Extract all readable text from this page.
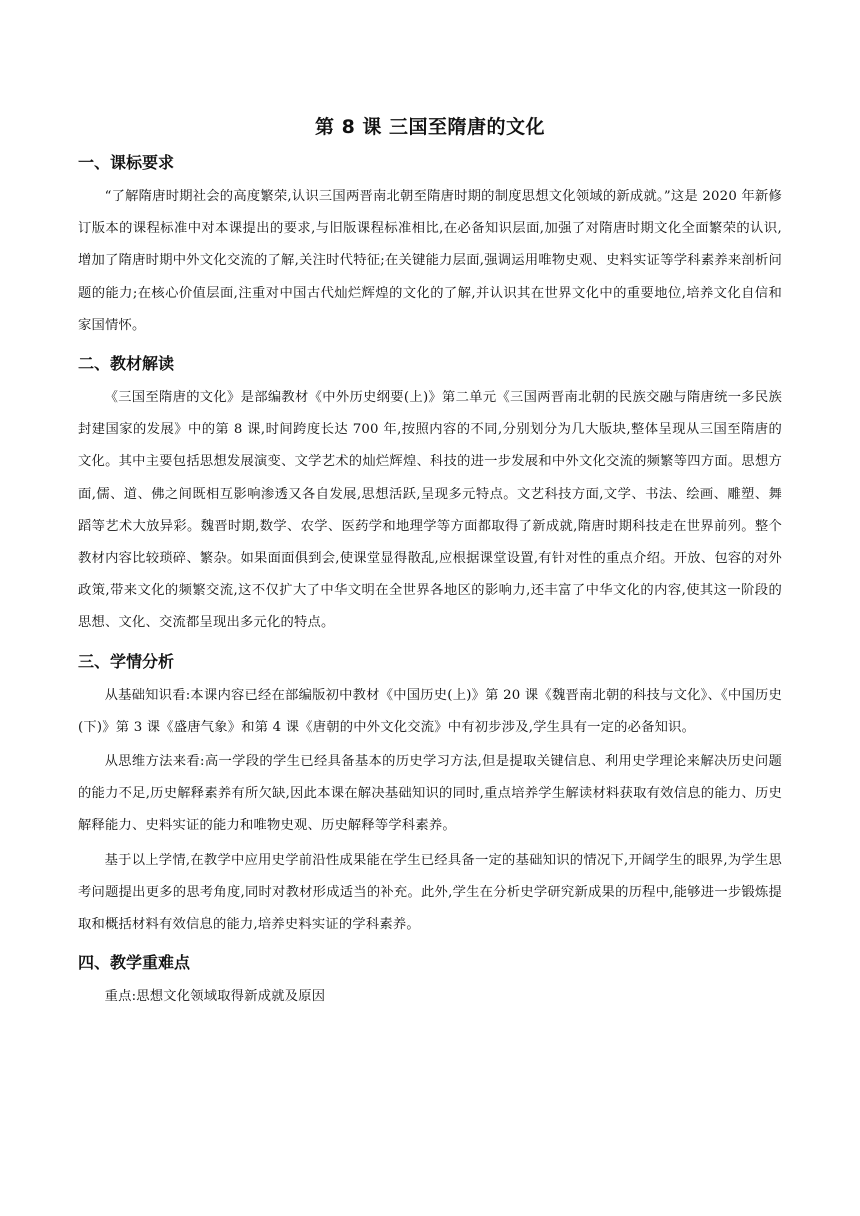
第 8 课 三国至隋唐的文化
一、课标要求

“了解隋唐时期社会的高度繁荣,认识三国两晋南北朝至隋唐时期的制度思想文化领域的新成就。”这是 2020 年新修订版本的课程标准中对本课提出的要求,与旧版课程标准相比,在必备知识层面,加强了对隋唐时期文化全面繁荣的认识,增加了隋唐时期中外文化交流的了解,关注时代特征;在关键能力层面,强调运用唯物史观、史料实证等学科素养来剖析问题的能力;在核心价值层面,注重对中国古代灿烂辉煌的文化的了解,并认识其在世界文化中的重要地位,培养文化自信和家国情怀。

二、教材解读

《三国至隋唐的文化》是部编教材《中外历史纲要(上)》第二单元《三国两晋南北朝的民族交融与隋唐统一多民族封建国家的发展》中的第 8 课,时间跨度长达 700 年,按照内容的不同,分别划分为几大版块,整体呈现从三国至隋唐的文化。其中主要包括思想发展演变、文学艺术的灿烂辉煌、科技的进一步发展和中外文化交流的频繁等四方面。思想方面,儒、道、佛之间既相互影响渗透又各自发展,思想活跃,呈现多元特点。文艺科技方面,文学、书法、绘画、雕塑、舞蹈等艺术大放异彩。魏晋时期,数学、农学、医药学和地理学等方面都取得了新成就,隋唐时期科技走在世界前列。整个教材内容比较琐碎、繁杂。如果面面俱到会,使课堂显得散乱,应根据课堂设置,有针对性的重点介绍。开放、包容的对外政策,带来文化的频繁交流,这不仅扩大了中华文明在全世界各地区的影响力,还丰富了中华文化的内容,使其这一阶段的思想、文化、交流都呈现出多元化的特点。

三、学情分析

从基础知识看:本课内容已经在部编版初中教材《中国历史(上)》第 20 课《魏晋南北朝的科技与文化》、《中国历史(下)》第 3 课《盛唐气象》和第 4 课《唐朝的中外文化交流》中有初步涉及,学生具有一定的必备知识。

从思维方法来看:高一学段的学生已经具备基本的历史学习方法,但是提取关键信息、利用史学理论来解决历史问题的能力不足,历史解释素养有所欠缺,因此本课在解决基础知识的同时,重点培养学生解读材料获取有效信息的能力、历史解释能力、史料实证的能力和唯物史观、历史解释等学科素养。

基于以上学情,在教学中应用史学前沿性成果能在学生已经具备一定的基础知识的情况下,开阔学生的眼界,为学生思考问题提出更多的思考角度,同时对教材形成适当的补充。此外,学生在分析史学研究新成果的历程中,能够进一步锻炼提取和概括材料有效信息的能力,培养史料实证的学科素养。

四、教学重难点

重点:思想文化领域取得新成就及原因
